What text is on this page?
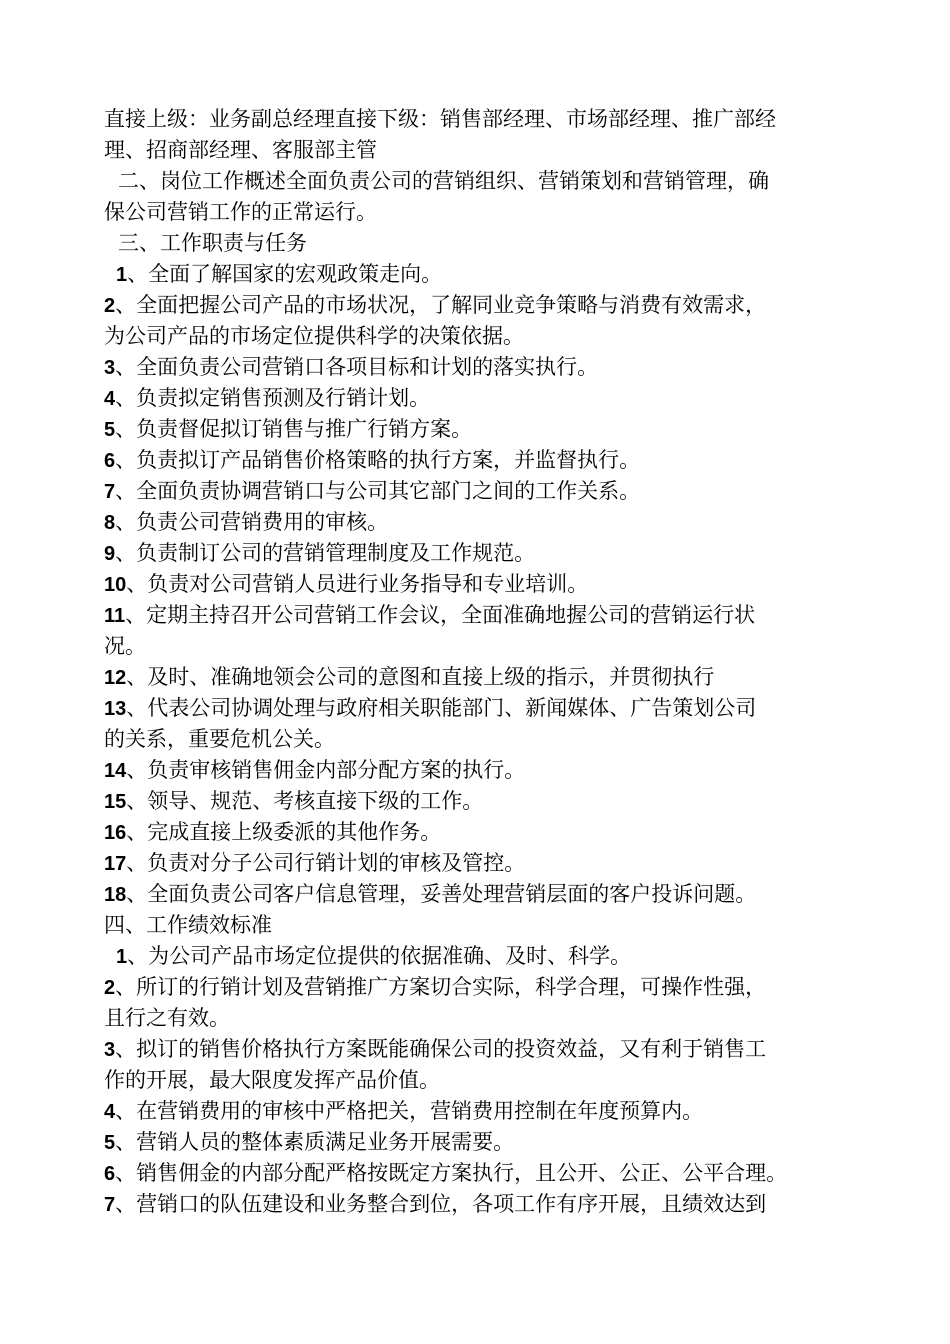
直接上级：业务副总经理直接下级：销售部经理、市场部经理、推广部经
理、招商部经理、客服部主管
二、岗位工作概述全面负责公司的营销组织、营销策划和营销管理，确
保公司营销工作的正常运行。
三、工作职责与任务
1、全面了解国家的宏观政策走向。
2、全面把握公司产品的市场状况，了解同业竞争策略与消费有效需求，
为公司产品的市场定位提供科学的决策依据。
3、全面负责公司营销口各项目标和计划的落实执行。
4、负责拟定销售预测及行销计划。
5、负责督促拟订销售与推广行销方案。
6、负责拟订产品销售价格策略的执行方案，并监督执行。
7、全面负责协调营销口与公司其它部门之间的工作关系。
8、负责公司营销费用的审核。
9、负责制订公司的营销管理制度及工作规范。
10、负责对公司营销人员进行业务指导和专业培训。
11、定期主持召开公司营销工作会议，全面准确地握公司的营销运行状
况。
12、及时、准确地领会公司的意图和直接上级的指示，并贯彻执行
13、代表公司协调处理与政府相关职能部门、新闻媒体、广告策划公司
的关系，重要危机公关。
14、负责审核销售佣金内部分配方案的执行。
15、领导、规范、考核直接下级的工作。
16、完成直接上级委派的其他作务。
17、负责对分子公司行销计划的审核及管控。
18、全面负责公司客户信息管理，妥善处理营销层面的客户投诉问题。
四、工作绩效标准
1、为公司产品市场定位提供的依据准确、及时、科学。
2、所订的行销计划及营销推广方案切合实际，科学合理，可操作性强，
且行之有效。
3、拟订的销售价格执行方案既能确保公司的投资效益，又有利于销售工
作的开展，最大限度发挥产品价值。
4、在营销费用的审核中严格把关，营销费用控制在年度预算内。
5、营销人员的整体素质满足业务开展需要。
6、销售佣金的内部分配严格按既定方案执行，且公开、公正、公平合理。
7、营销口的队伍建设和业务整合到位，各项工作有序开展，且绩效达到
